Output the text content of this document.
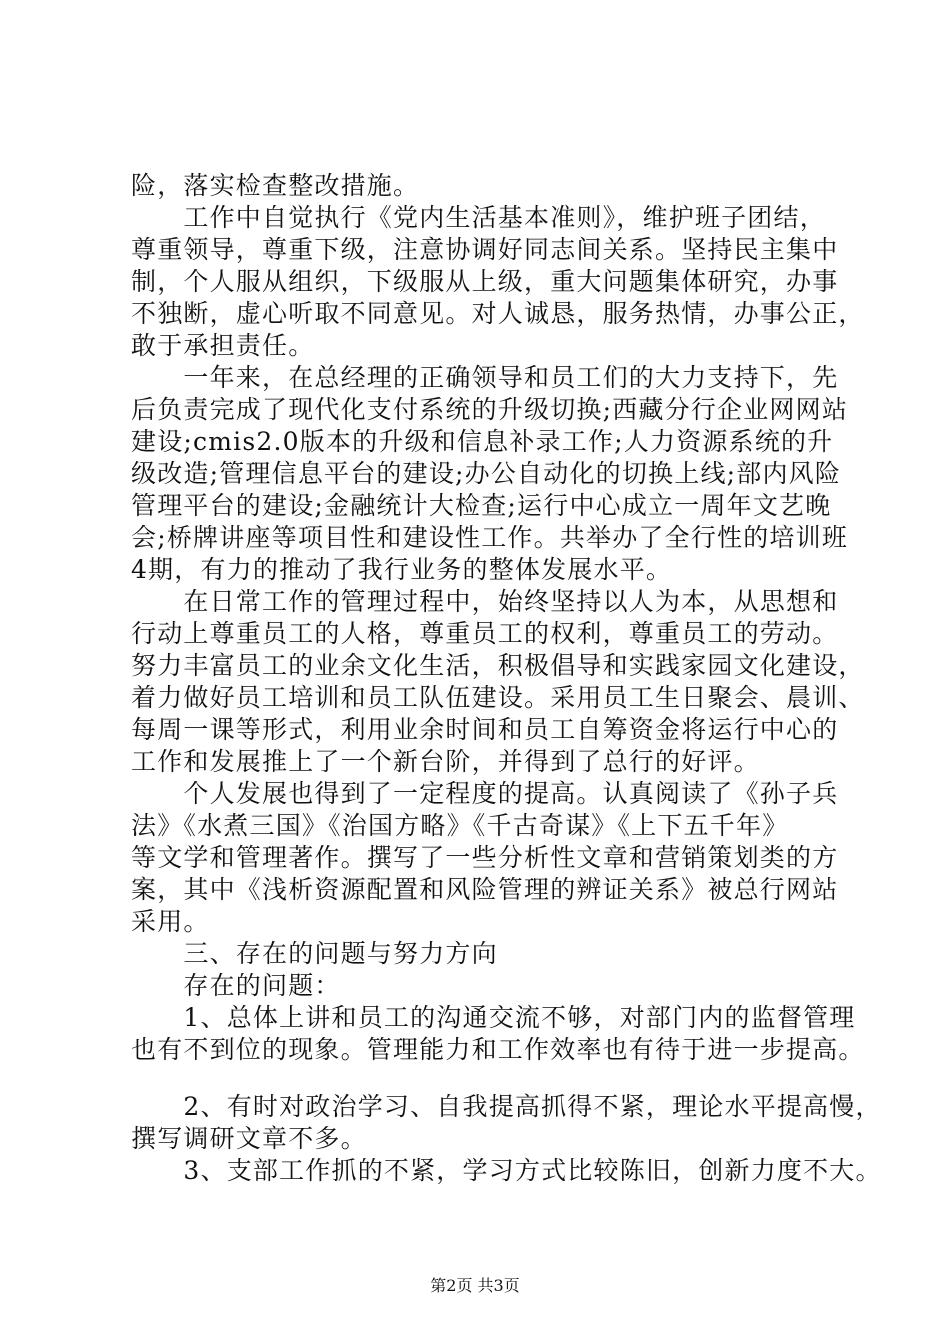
险，落实检查整改措施。
　　工作中自觉执行《党内生活基本准则》，维护班子团结，
尊重领导，尊重下级，注意协调好同志间关系。坚持民主集中
制，个人服从组织，下级服从上级，重大问题集体研究，办事
不独断，虚心听取不同意见。对人诚恳，服务热情，办事公正，
敢于承担责任。
　　一年来，在总经理的正确领导和员工们的大力支持下，先
后负责完成了现代化支付系统的升级切换;西藏分行企业网网站
建设;cmis2.0版本的升级和信息补录工作;人力资源系统的升
级改造;管理信息平台的建设;办公自动化的切换上线;部内风险
管理平台的建设;金融统计大检查;运行中心成立一周年文艺晚
会;桥牌讲座等项目性和建设性工作。共举办了全行性的培训班
4期，有力的推动了我行业务的整体发展水平。
　　在日常工作的管理过程中，始终坚持以人为本，从思想和
行动上尊重员工的人格，尊重员工的权利，尊重员工的劳动。
努力丰富员工的业余文化生活，积极倡导和实践家园文化建设，
着力做好员工培训和员工队伍建设。采用员工生日聚会、晨训、
每周一课等形式，利用业余时间和员工自筹资金将运行中心的
工作和发展推上了一个新台阶，并得到了总行的好评。
　　个人发展也得到了一定程度的提高。认真阅读了《孙子兵
法》《水煮三国》《治国方略》《千古奇谋》《上下五千年》
等文学和管理著作。撰写了一些分析性文章和营销策划类的方
案，其中《浅析资源配置和风险管理的辨证关系》被总行网站
采用。
　　三、存在的问题与努力方向
　　存在的问题：
　　1、总体上讲和员工的沟通交流不够，对部门内的监督管理
也有不到位的现象。管理能力和工作效率也有待于进一步提高。
　　2、有时对政治学习、自我提高抓得不紧，理论水平提高慢，
撰写调研文章不多。
　　3、支部工作抓的不紧，学习方式比较陈旧，创新力度不大。
第2页 共3页
